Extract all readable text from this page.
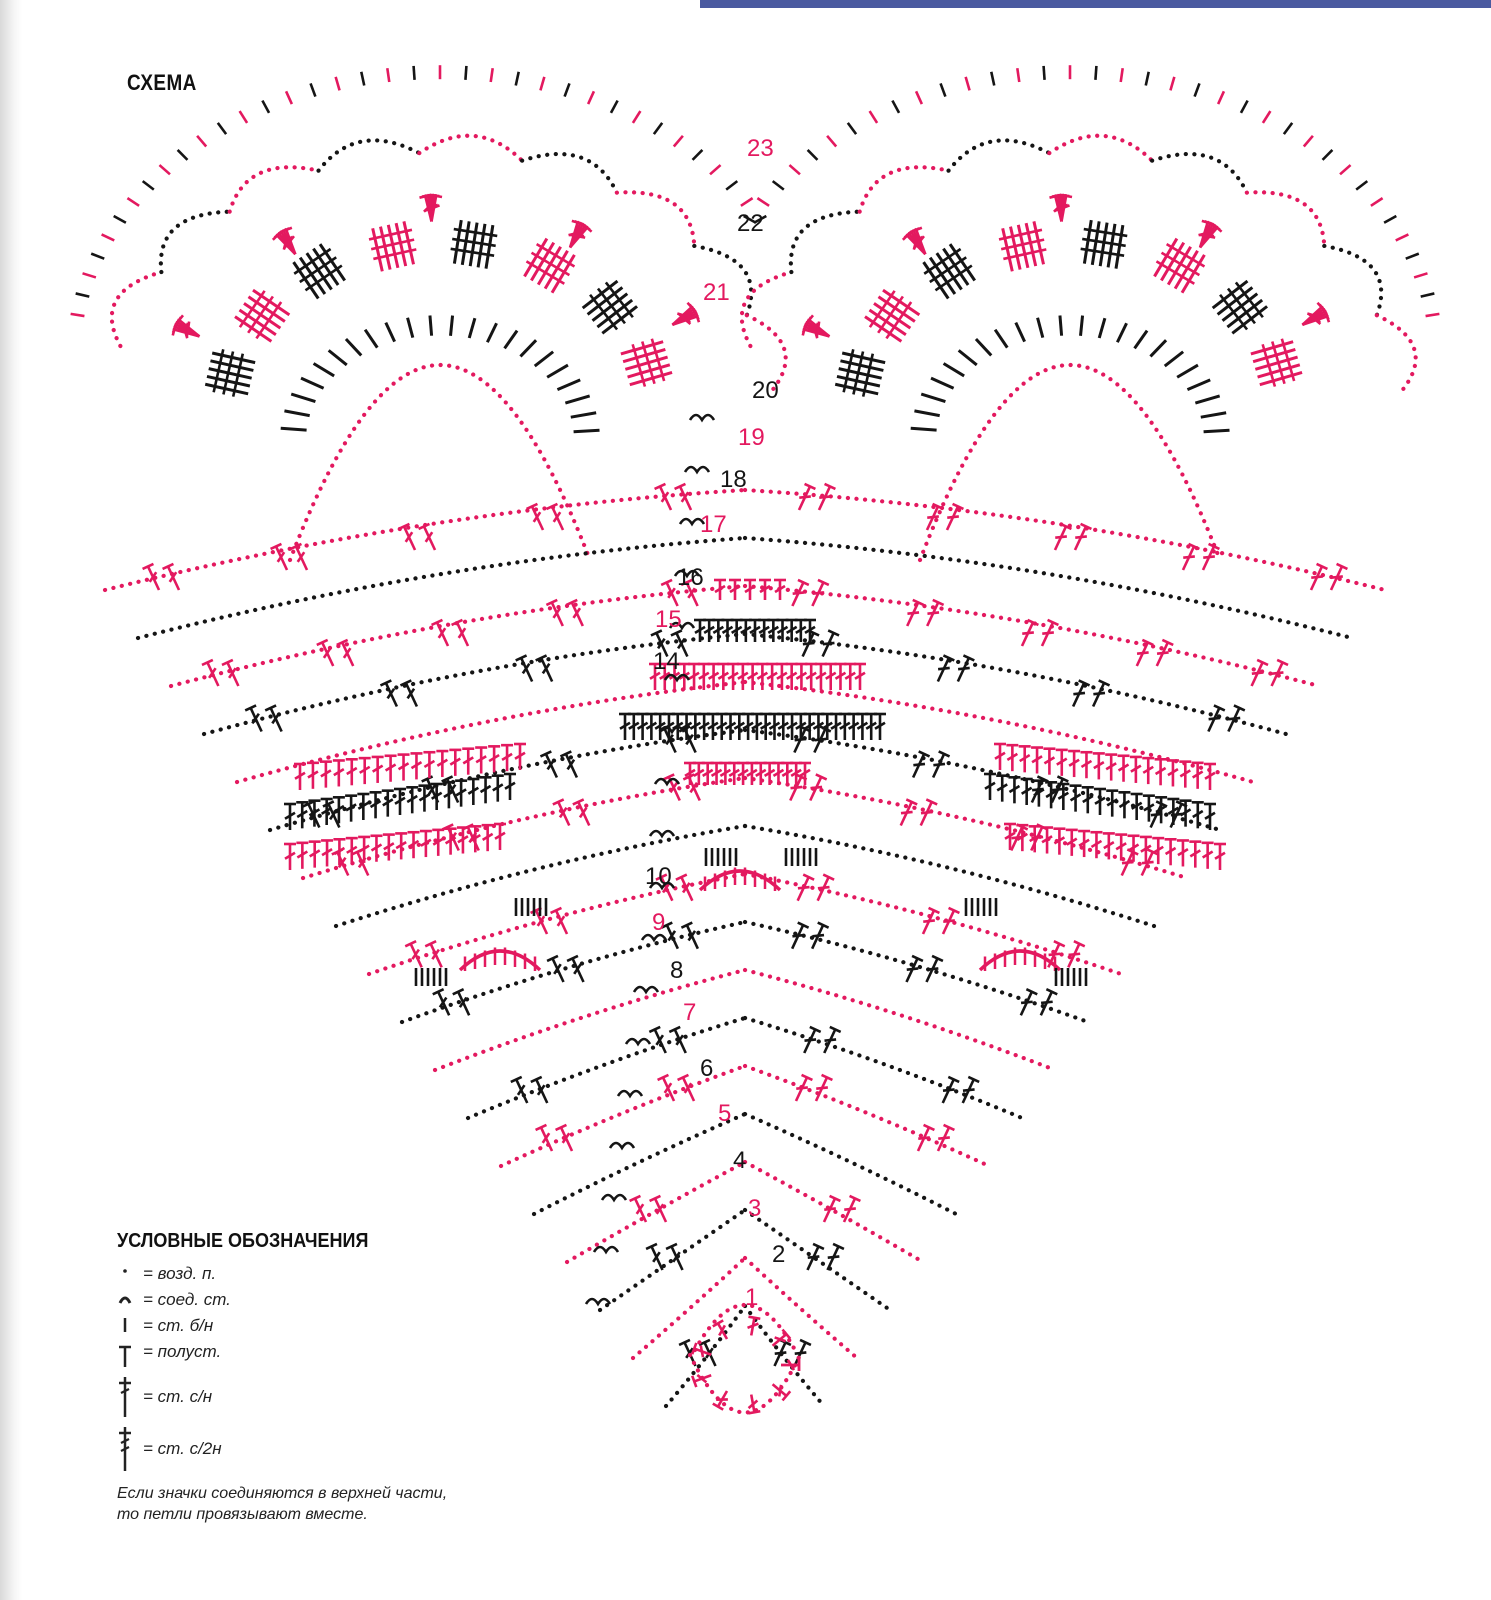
СХЕМА
1
2
3
4
5
6
7
8
9
10
14
15
16
17
18
19
20
21
22
23
УСЛОВНЫЕ ОБОЗНАЧЕНИЯ
= возд. п.
= соед. ст.
= ст. б/н
= полуст.
= ст. с/н
= ст. с/2н
Если значки соединяются в верхней части,
то петли провязывают вместе.
